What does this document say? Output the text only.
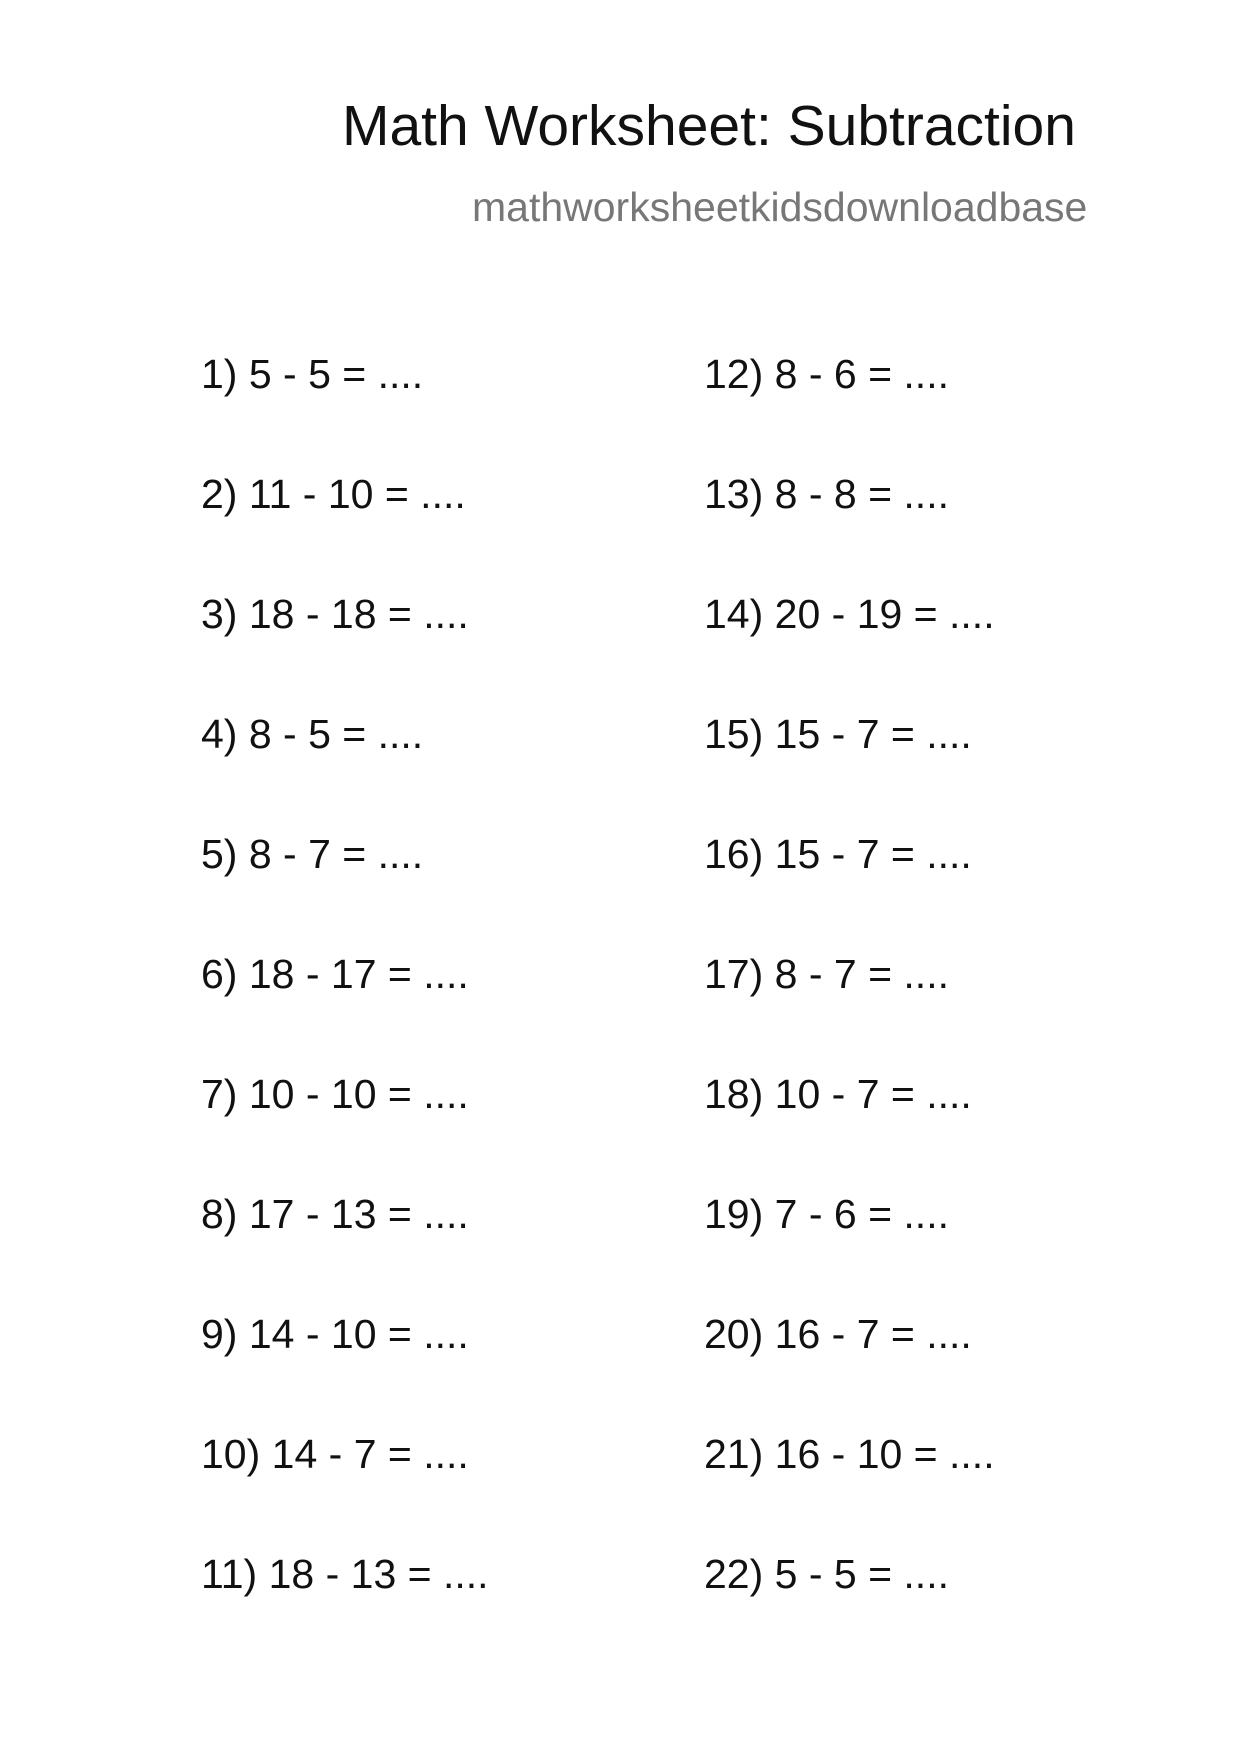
Math Worksheet: Subtraction
mathworksheetkidsdownloadbase
1) 5 - 5 = ....
2) 11 - 10 = ....
3) 18 - 18 = ....
4) 8 - 5 = ....
5) 8 - 7 = ....
6) 18 - 17 = ....
7) 10 - 10 = ....
8) 17 - 13 = ....
9) 14 - 10 = ....
10) 14 - 7 = ....
11) 18 - 13 = ....
12) 8 - 6 = ....
13) 8 - 8 = ....
14) 20 - 19 = ....
15) 15 - 7 = ....
16) 15 - 7 = ....
17) 8 - 7 = ....
18) 10 - 7 = ....
19) 7 - 6 = ....
20) 16 - 7 = ....
21) 16 - 10 = ....
22) 5 - 5 = ....
